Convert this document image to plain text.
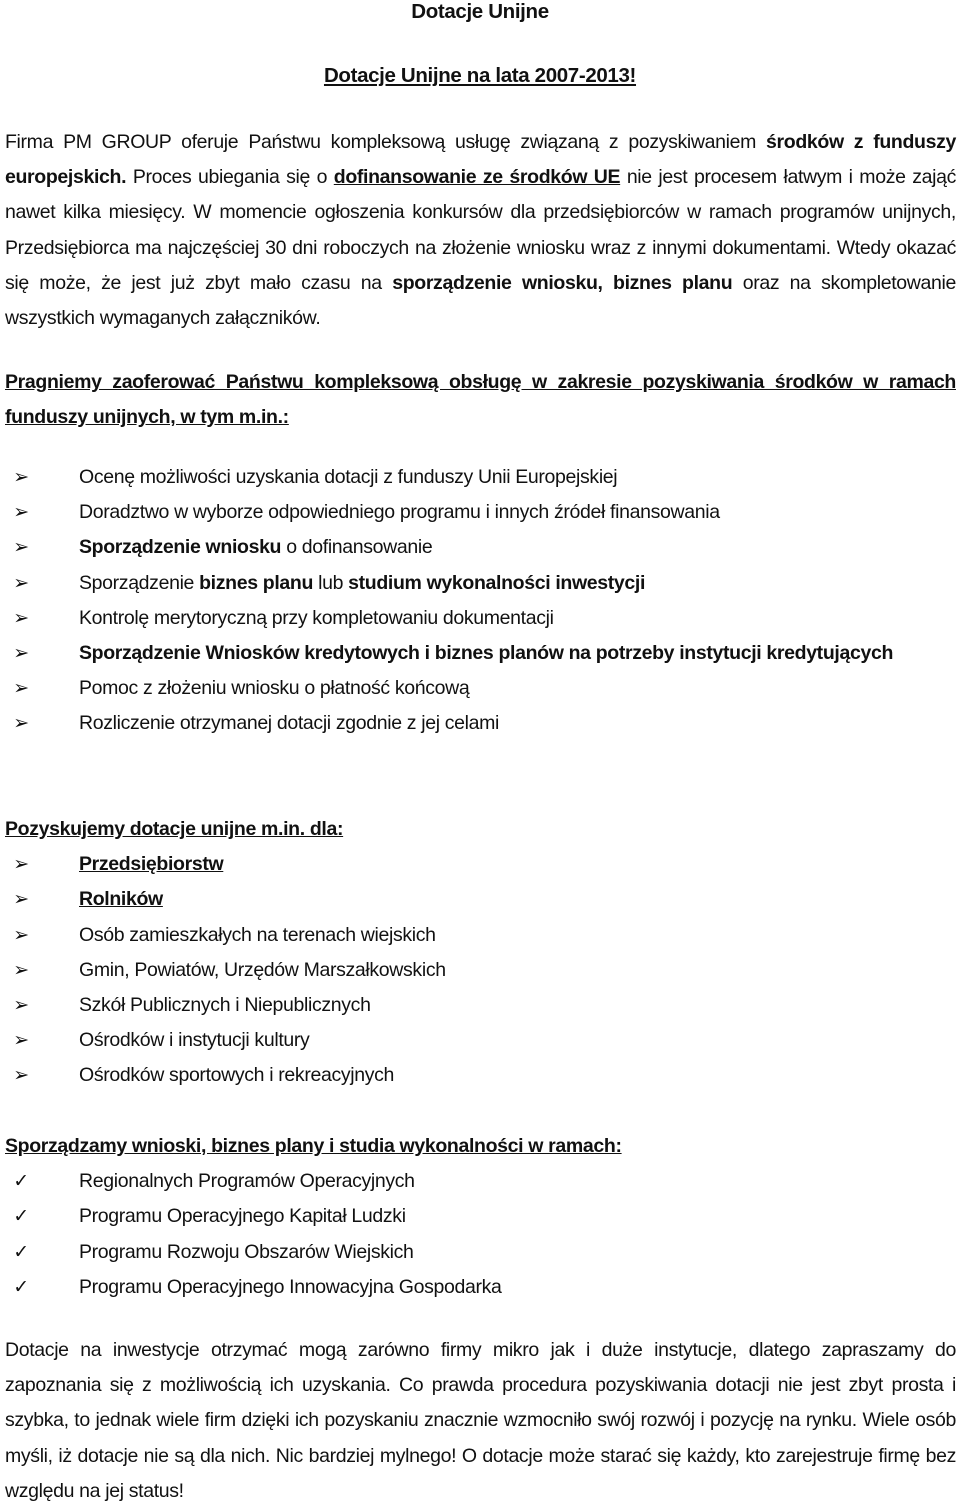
Dotacje Unijne
Dotacje Unijne na lata 2007-2013!

Firma PM GROUP oferuje Państwu kompleksową usługę związaną z pozyskiwaniem środków z funduszy europejskich. Proces ubiegania się o dofinansowanie ze środków UE nie jest procesem łatwym i może zająć nawet kilka miesięcy. W momencie ogłoszenia konkursów dla przedsiębiorców w ramach programów unijnych, Przedsiębiorca ma najczęściej 30 dni roboczych na złożenie wniosku wraz z innymi dokumentami. Wtedy okazać się może, że jest już zbyt mało czasu na sporządzenie wniosku, biznes planu oraz na skompletowanie wszystkich wymaganych załączników.

Pragniemy zaoferować Państwu kompleksową obsługę w zakresie pozyskiwania środków w ramach funduszy unijnych, w tym m.in.:

➢	Ocenę możliwości uzyskania dotacji z funduszy Unii Europejskiej
➢	Doradztwo w wyborze odpowiedniego programu i innych źródeł finansowania
➢	Sporządzenie wniosku o dofinansowanie
➢	Sporządzenie biznes planu lub studium wykonalności inwestycji
➢	Kontrolę merytoryczną przy kompletowaniu dokumentacji
➢	Sporządzenie Wniosków kredytowych i biznes planów na potrzeby instytucji kredytujących
➢	Pomoc z złożeniu wniosku o płatność końcową
➢	Rozliczenie otrzymanej dotacji zgodnie z jej celami

Pozyskujemy dotacje unijne m.in. dla:

➢	Przedsiębiorstw
➢	Rolników
➢	Osób zamieszkałych na terenach wiejskich
➢	Gmin, Powiatów, Urzędów Marszałkowskich
➢	Szkół Publicznych i Niepublicznych
➢	Ośrodków i instytucji kultury
➢	Ośrodków sportowych i rekreacyjnych

Sporządzamy wnioski, biznes plany i studia wykonalności w ramach:

✓	Regionalnych Programów Operacyjnych
✓	Programu Operacyjnego Kapitał Ludzki
✓	Programu Rozwoju Obszarów Wiejskich
✓	Programu Operacyjnego Innowacyjna Gospodarka

Dotacje na inwestycje otrzymać mogą zarówno firmy mikro jak i duże instytucje, dlatego zapraszamy do zapoznania się z możliwością ich uzyskania. Co prawda procedura pozyskiwania dotacji nie jest zbyt prosta i szybka, to jednak wiele firm dzięki ich pozyskaniu znacznie wzmocniło swój rozwój i pozycję na rynku. Wiele osób myśli, iż dotacje nie są dla nich. Nic bardziej mylnego! O dotacje może starać się każdy, kto zarejestruje firmę bez względu na jej status!
